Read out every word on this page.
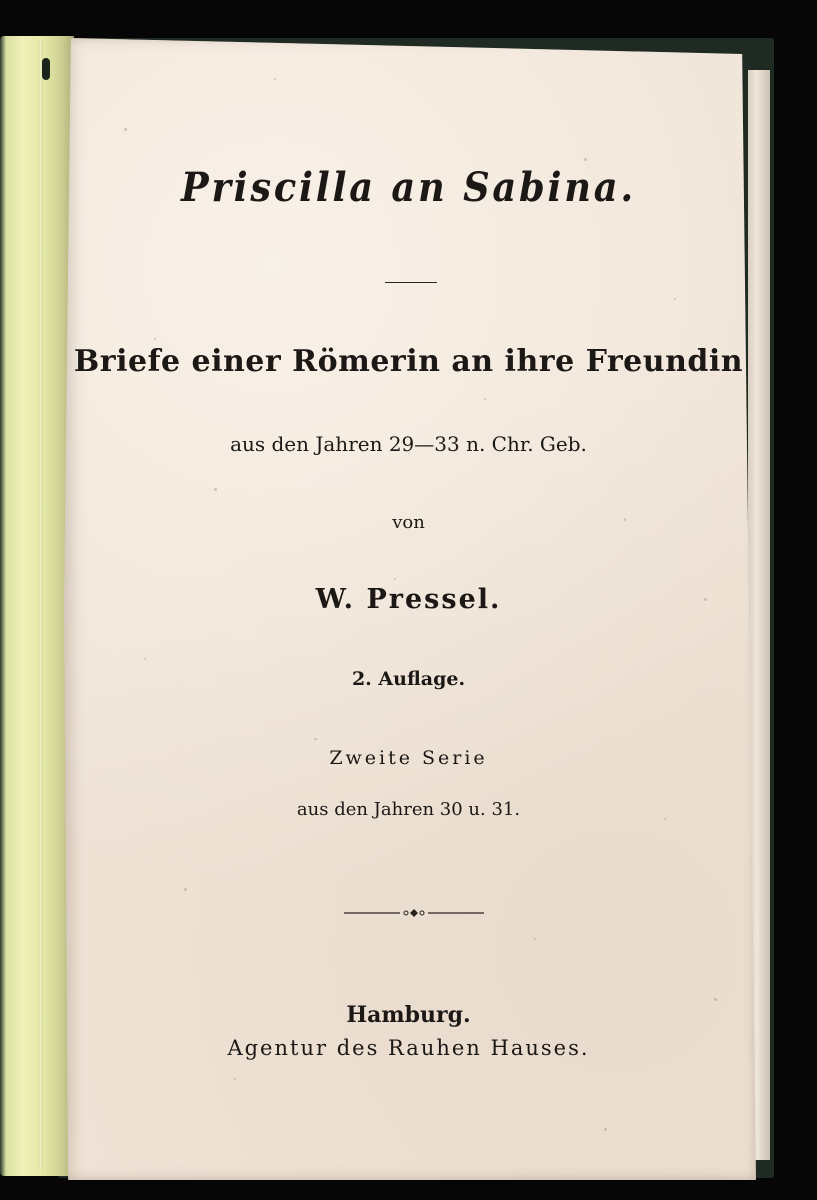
Priscilla an Sabina.
Briefe einer Römerin an ihre Freundin
aus den Jahren 29—33 n. Chr. Geb.
von
W. Pressel.
2. Auflage.
Zweite Serie
aus den Jahren 30 u. 31.
Hamburg.
Agentur des Rauhen Hauses.
